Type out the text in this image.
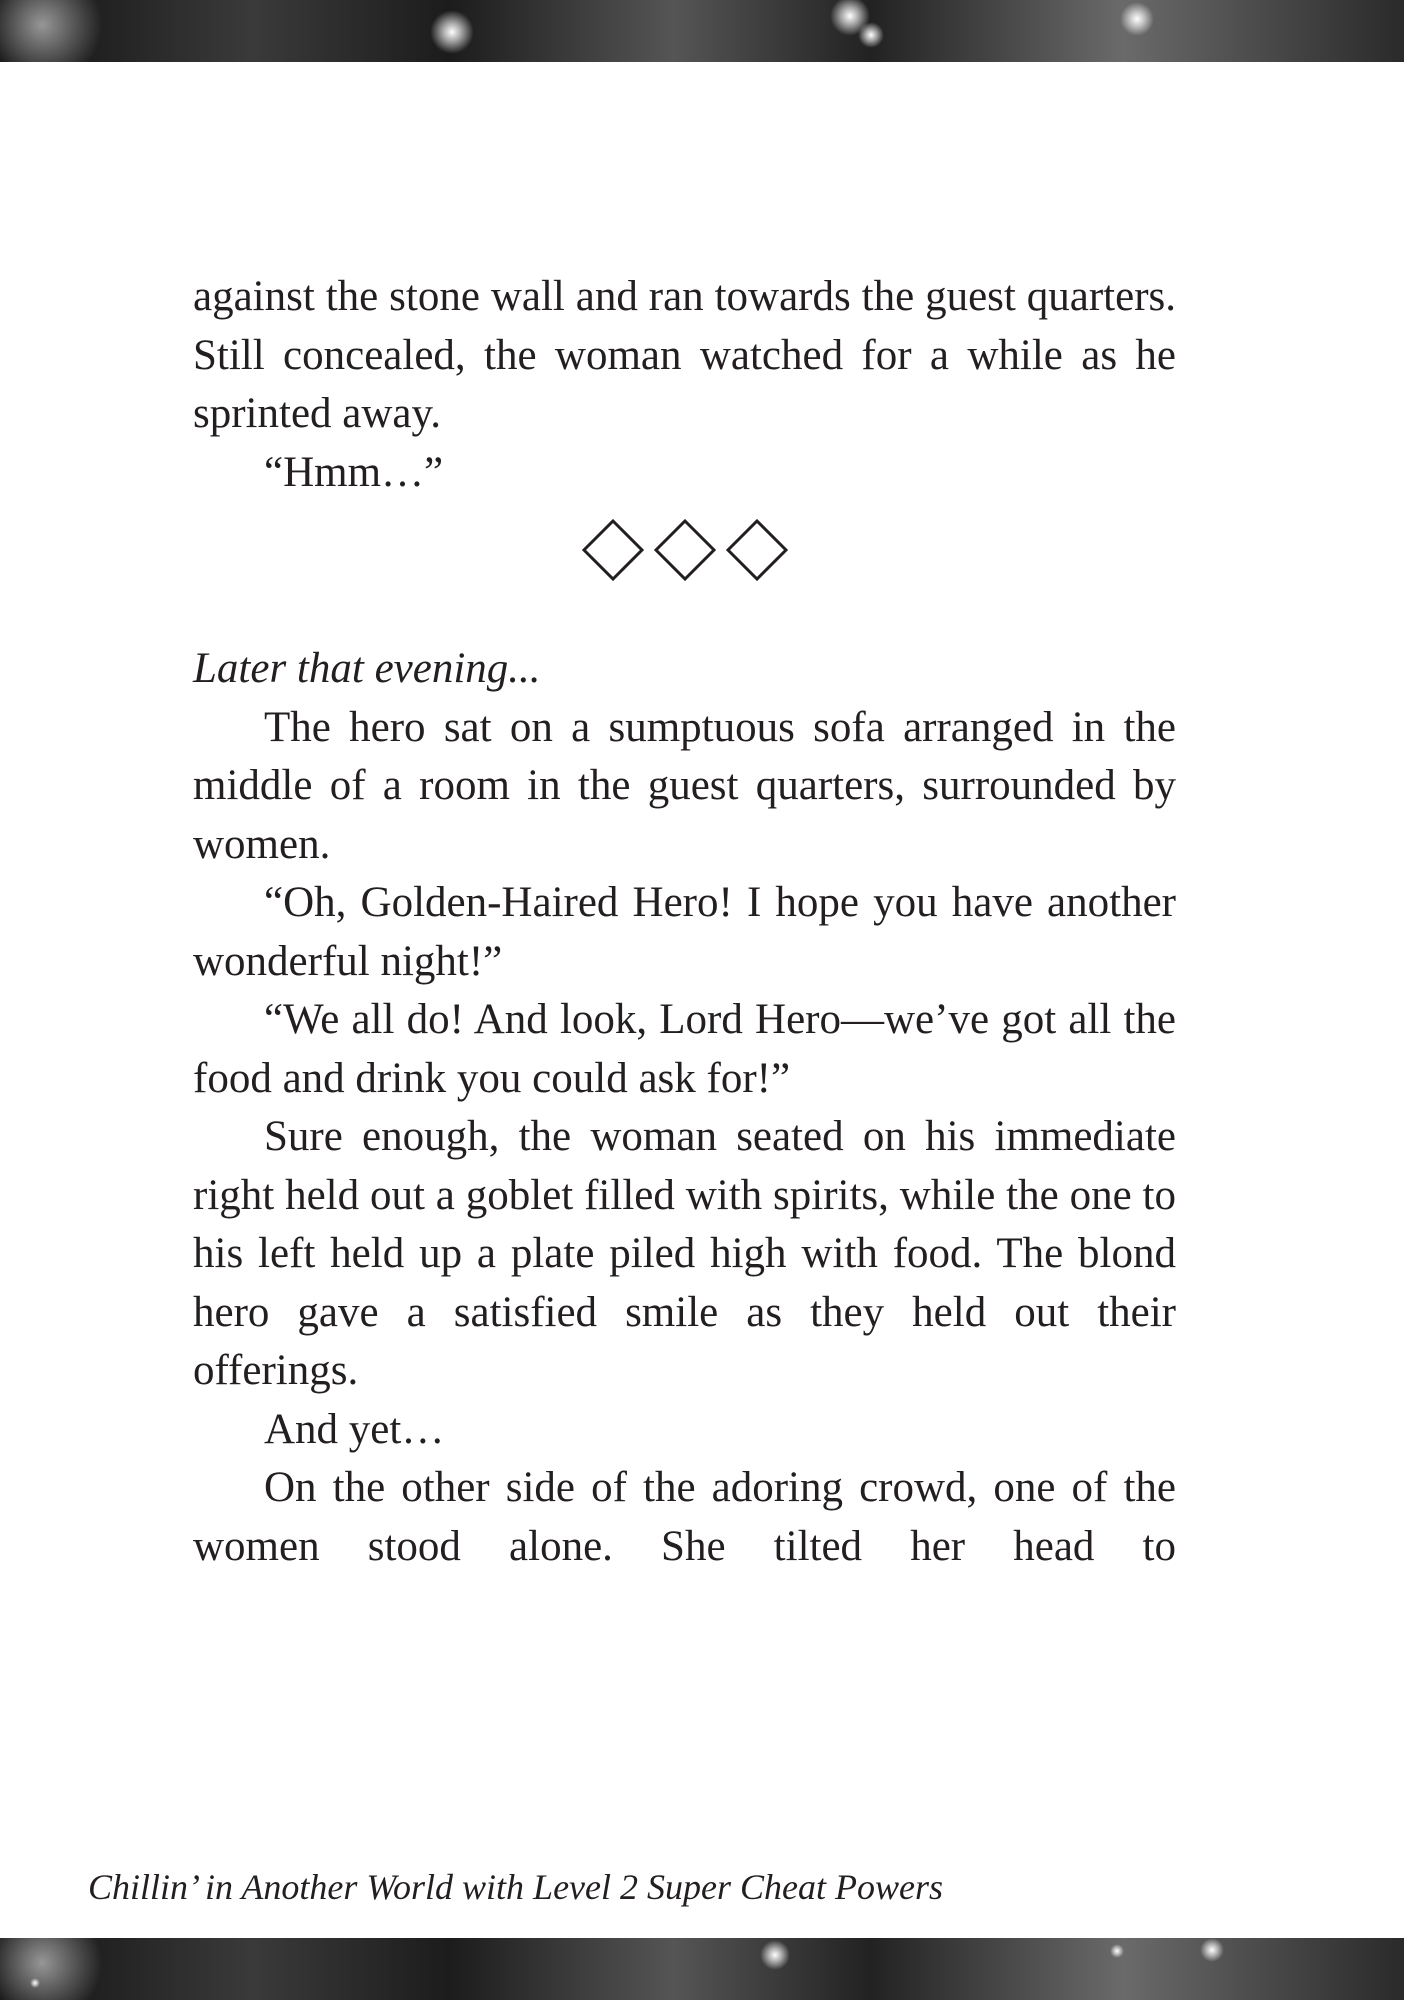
against the stone wall and ran towards the guest quarters. Still concealed, the woman watched for a while as he sprinted away.

“Hmm…”

Later that evening...

The hero sat on a sumptuous sofa arranged in the middle of a room in the guest quarters, surrounded by women.

“Oh, Golden-Haired Hero! I hope you have another wonderful night!”

“We all do! And look, Lord Hero—we’ve got all the food and drink you could ask for!”

Sure enough, the woman seated on his immediate right held out a goblet filled with spirits, while the one to his left held up a plate piled high with food. The blond hero gave a satisfied smile as they held out their offerings.

And yet…

On the other side of the adoring crowd, one of the women stood alone. She tilted her head to

Chillin’ in Another World with Level 2 Super Cheat Powers
